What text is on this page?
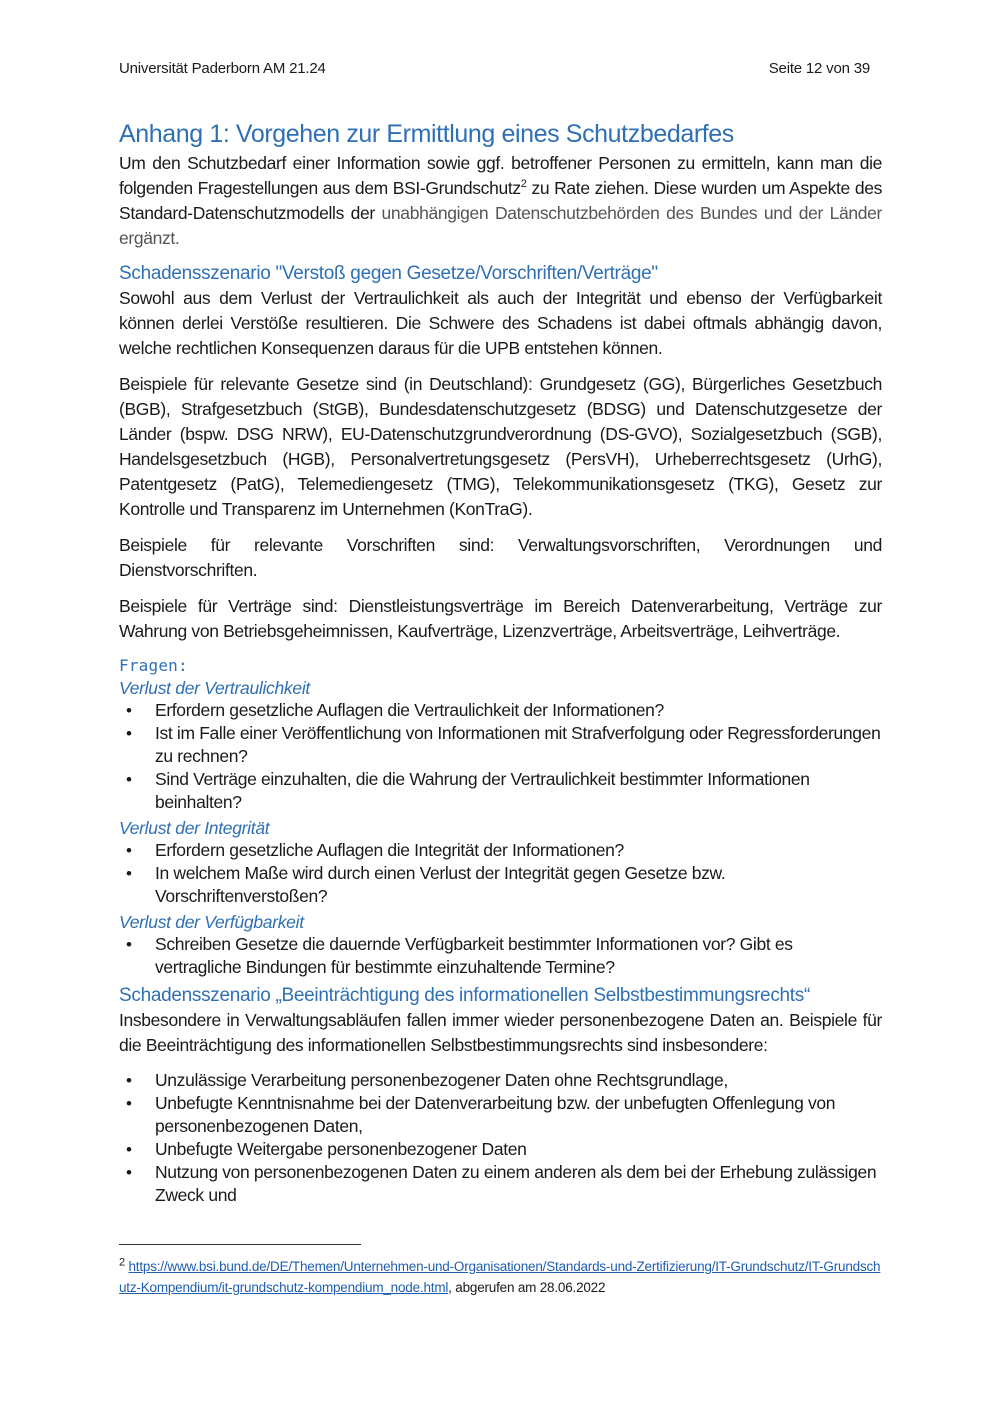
Universität Paderborn AM 21.24	Seite 12 von 39
Anhang 1: Vorgehen zur Ermittlung eines Schutzbedarfes

Um den Schutzbedarf einer Information sowie ggf. betroffener Personen zu ermitteln, kann man die folgenden Fragestellungen aus dem BSI-Grundschutz$^2$ zu Rate ziehen. Diese wurden um Aspekte des Standard-Datenschutzmodells der unabhängigen Datenschutzbehörden des Bundes und der Länder ergänzt.

Schadensszenario "Verstoß gegen Gesetze/Vorschriften/Verträge"

Sowohl aus dem Verlust der Vertraulichkeit als auch der Integrität und ebenso der Verfügbarkeit können derlei Verstöße resultieren. Die Schwere des Schadens ist dabei oftmals abhängig davon, welche rechtlichen Konsequenzen daraus für die UPB entstehen können.

Beispiele für relevante Gesetze sind (in Deutschland): Grundgesetz (GG), Bürgerliches Gesetzbuch (BGB), Strafgesetzbuch (StGB), Bundesdatenschutzgesetz (BDSG) und Datenschutzgesetze der Länder (bspw. DSG NRW), EU-Datenschutzgrundverordnung (DS-GVO), Sozialgesetzbuch (SGB), Handelsgesetzbuch (HGB), Personalvertretungsgesetz (PersVH), Urheberrechtsgesetz (UrhG), Patentgesetz (PatG), Telemediengesetz (TMG), Telekommunikationsgesetz (TKG), Gesetz zur Kontrolle und Transparenz im Unternehmen (KonTraG).

Beispiele für relevante Vorschriften sind: Verwaltungsvorschriften, Verordnungen und Dienstvorschriften.

Beispiele für Verträge sind: Dienstleistungsverträge im Bereich Datenverarbeitung, Verträge zur Wahrung von Betriebsgeheimnissen, Kaufverträge, Lizenzverträge, Arbeitsverträge, Leihverträge.

Fragen:
Verlust der Vertraulichkeit
• Erfordern gesetzliche Auflagen die Vertraulichkeit der Informationen?
• Ist im Falle einer Veröffentlichung von Informationen mit Strafverfolgung oder Regressforderungen zu rechnen?
• Sind Verträge einzuhalten, die die Wahrung der Vertraulichkeit bestimmter Informationen beinhalten?
Verlust der Integrität
• Erfordern gesetzliche Auflagen die Integrität der Informationen?
• In welchem Maße wird durch einen Verlust der Integrität gegen Gesetze bzw. Vorschriftenverstoßen?
Verlust der Verfügbarkeit
• Schreiben Gesetze die dauernde Verfügbarkeit bestimmter Informationen vor? Gibt es vertragliche Bindungen für bestimmte einzuhaltende Termine?
Schadensszenario „Beeinträchtigung des informationellen Selbstbestimmungsrechts“

Insbesondere in Verwaltungsabläufen fallen immer wieder personenbezogene Daten an. Beispiele für die Beeinträchtigung des informationellen Selbstbestimmungsrechts sind insbesondere:

• Unzulässige Verarbeitung personenbezogener Daten ohne Rechtsgrundlage,
• Unbefugte Kenntnisnahme bei der Datenverarbeitung bzw. der unbefugten Offenlegung von personenbezogenen Daten,
• Unbefugte Weitergabe personenbezogener Daten
• Nutzung von personenbezogenen Daten zu einem anderen als dem bei der Erhebung zulässigen Zweck und
$^2$ https://www.bsi.bund.de/DE/Themen/Unternehmen-und-Organisationen/Standards-und-Zertifizierung/IT-Grundschutz/IT-Grundschutz-Kompendium/it-grundschutz-kompendium_node.html, abgerufen am 28.06.2022
